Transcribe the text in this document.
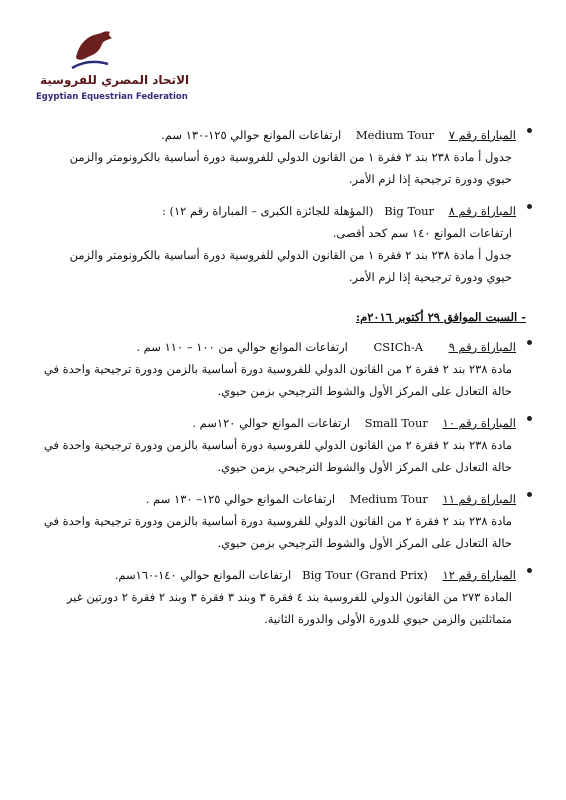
الاتحاد المصري للفروسية
Egyptian Equestrian Federation
المباراة رقم ٧    Medium Tour    ارتفاعات الموانع حوالي ١٢٥-١٣٠ سم.
جدول أ مادة ٢٣٨ بند ٢ فقرة ١ من القانون الدولي للفروسية دورة أساسية بالكرونومتر والزمن
حيوي ودورة ترجيحية إذا لزم الأمر.
المباراة رقم ٨    Big Tour   (المؤهلة للجائزة الكبرى – المباراة رقم ١٢) :
ارتفاعات الموانع ١٤٠ سم كحد أقصى.
جدول أ مادة ٢٣٨ بند ٢ فقرة ١ من القانون الدولي للفروسية دورة أساسية بالكرونومتر والزمن
حيوي ودورة ترجيحية إذا لزم الأمر.
- السبت الموافق ٢٩ أكتوبر ٢٠١٦م:
المباراة رقم ٩       CSICh-A       ارتفاعات الموانع حوالي من ١٠٠ – ١١٠ سم .
مادة ٢٣٨ بند ٢ فقرة ٢ من القانون الدولي للفروسية دورة أساسية بالزمن ودورة ترجيحية واحدة في
حالة التعادل على المركز الأول والشوط الترجيحي بزمن حيوي.
المباراة رقم ١٠    Small Tour    ارتفاعات الموانع حوالي ١٢٠سم .
مادة ٢٣٨ بند ٢ فقرة ٢ من القانون الدولي للفروسية دورة أساسية بالزمن ودورة ترجيحية واحدة في
حالة التعادل على المركز الأول والشوط الترجيحي بزمن حيوي.
المباراة رقم ١١    Medium Tour    ارتفاعات الموانع حوالي ١٢٥– ١٣٠ سم .
مادة ٢٣٨ بند ٢ فقرة ٢ من القانون الدولي للفروسية دورة أساسية بالزمن ودورة ترجيحية واحدة في
حالة التعادل على المركز الأول والشوط الترجيحي بزمن حيوي.
المباراة رقم ١٢    Big Tour (Grand Prix)   ارتفاعات الموانع حوالي ١٤٠-١٦٠سم.
المادة ٢٧٣ من القانون الدولي للفروسية بند ٤ فقرة ٣ وبند ٣ فقرة ٣ وبند ٢ فقرة ٢ دورتين غير
متماثلتين والزمن حيوي للدورة الأولى والدورة الثانية.
